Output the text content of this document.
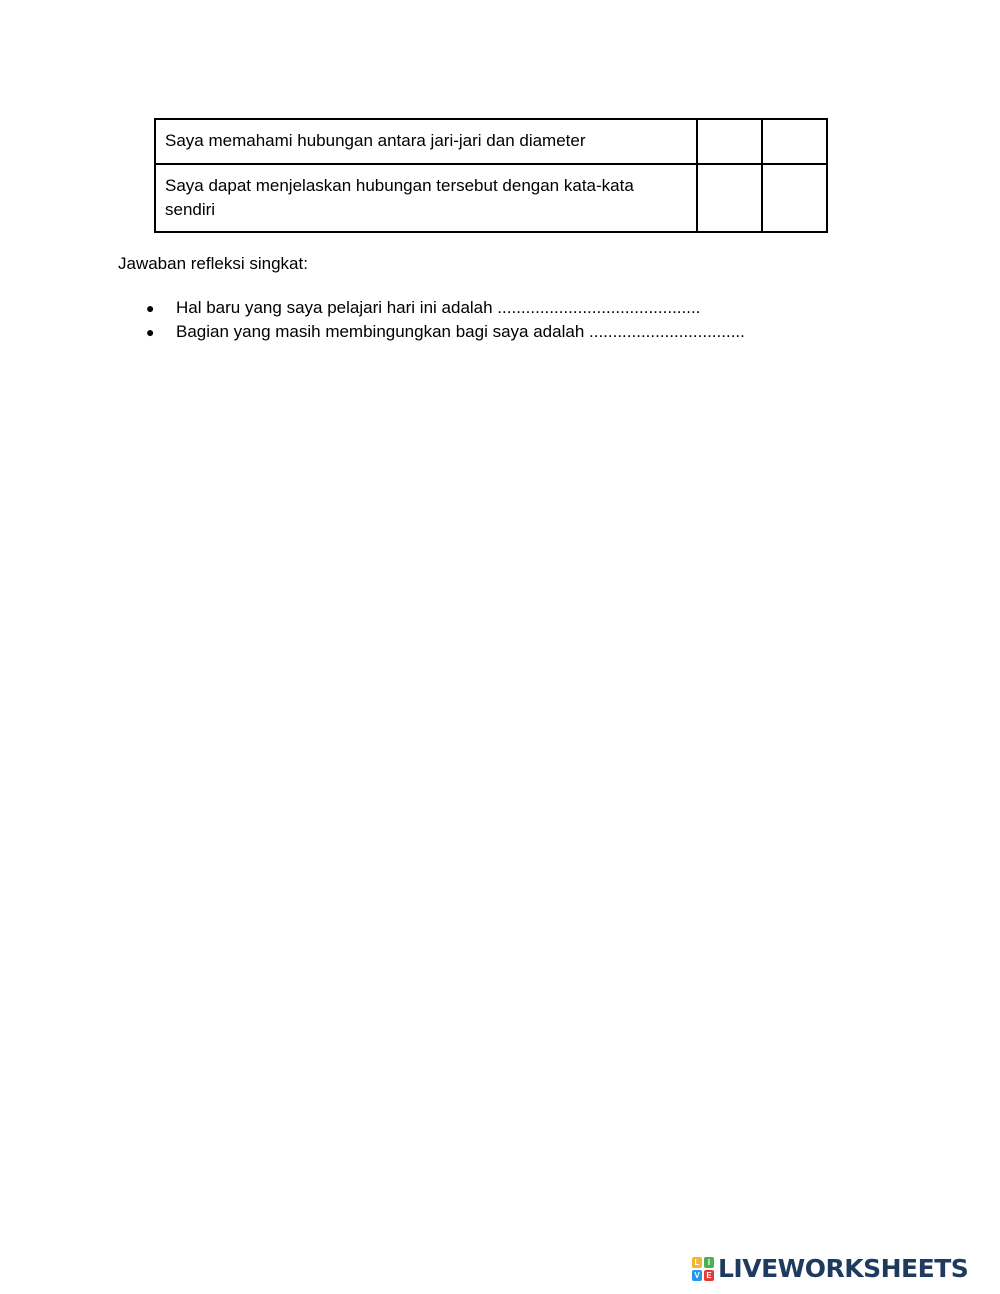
Saya memahami hubungan antara jari-jari dan diameter		
Saya dapat menjelaskan hubungan tersebut dengan kata-kata sendiri		
Jawaban refleksi singkat:
● Hal baru yang saya pelajari hari ini adalah ...........................................
● Bagian yang masih membingungkan bagi saya adalah .................................
L	I
V E LIVEWORKSHEETS
